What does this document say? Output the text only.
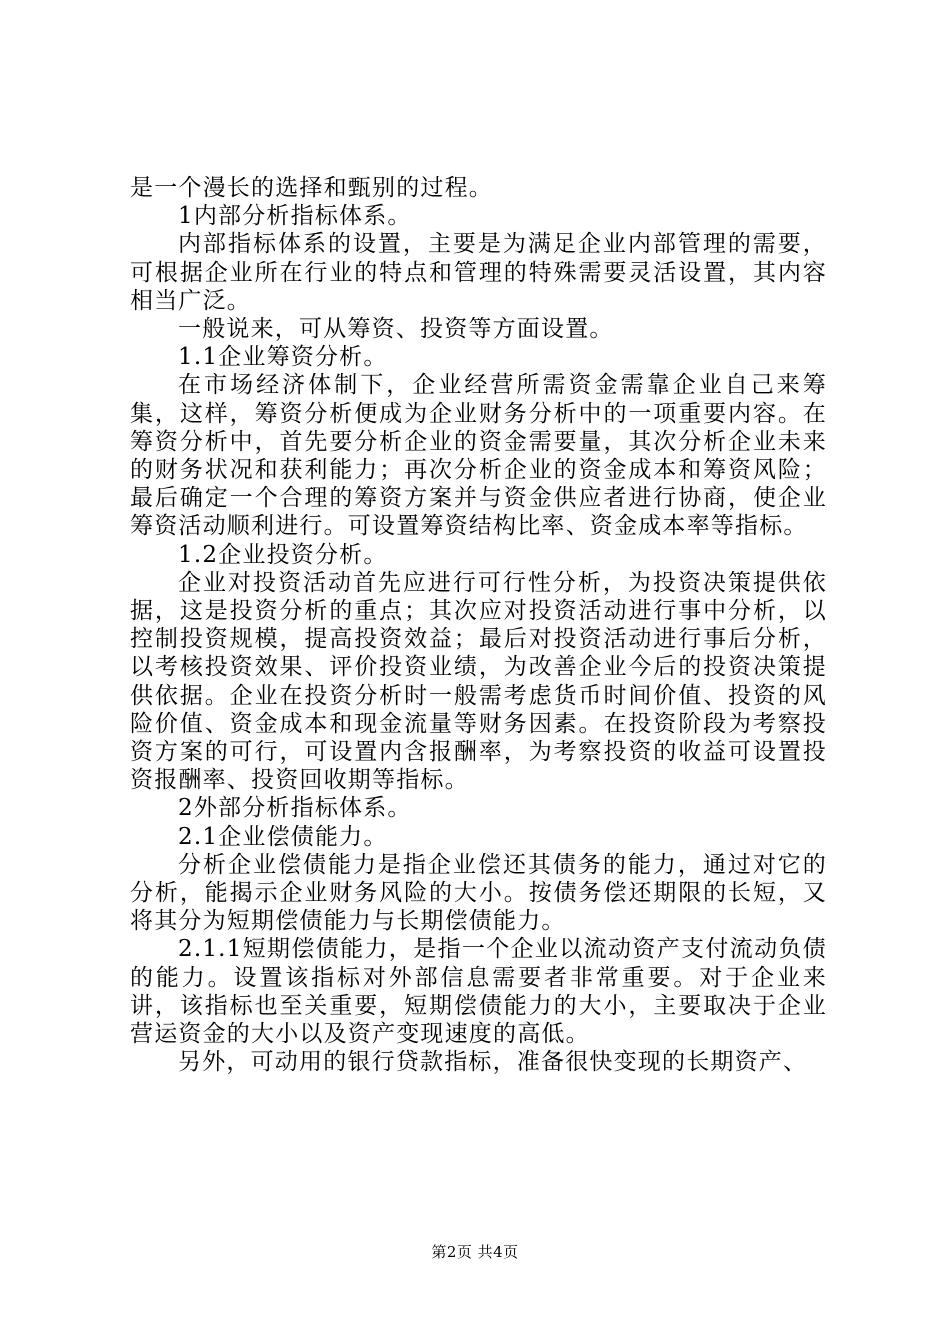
是一个漫长的选择和甄别的过程。

1内部分析指标体系。

内部指标体系的设置，主要是为满足企业内部管理的需要，可根据企业所在行业的特点和管理的特殊需要灵活设置，其内容相当广泛。

一般说来，可从筹资、投资等方面设置。

1.1企业筹资分析。

在市场经济体制下，企业经营所需资金需靠企业自己来筹集，这样，筹资分析便成为企业财务分析中的一项重要内容。在筹资分析中，首先要分析企业的资金需要量，其次分析企业未来的财务状况和获利能力；再次分析企业的资金成本和筹资风险；最后确定一个合理的筹资方案并与资金供应者进行协商，使企业筹资活动顺利进行。可设置筹资结构比率、资金成本率等指标。

1.2企业投资分析。

企业对投资活动首先应进行可行性分析，为投资决策提供依据，这是投资分析的重点；其次应对投资活动进行事中分析，以控制投资规模，提高投资效益；最后对投资活动进行事后分析，以考核投资效果、评价投资业绩，为改善企业今后的投资决策提供依据。企业在投资分析时一般需考虑货币时间价值、投资的风险价值、资金成本和现金流量等财务因素。在投资阶段为考察投资方案的可行，可设置内含报酬率，为考察投资的收益可设置投资报酬率、投资回收期等指标。

2外部分析指标体系。

2.1企业偿债能力。

分析企业偿债能力是指企业偿还其债务的能力，通过对它的分析，能揭示企业财务风险的大小。按债务偿还期限的长短，又将其分为短期偿债能力与长期偿债能力。

2.1.1短期偿债能力，是指一个企业以流动资产支付流动负债的能力。设置该指标对外部信息需要者非常重要。对于企业来讲，该指标也至关重要，短期偿债能力的大小，主要取决于企业营运资金的大小以及资产变现速度的高低。

另外，可动用的银行贷款指标，准备很快变现的长期资产、

第2页 共4页
